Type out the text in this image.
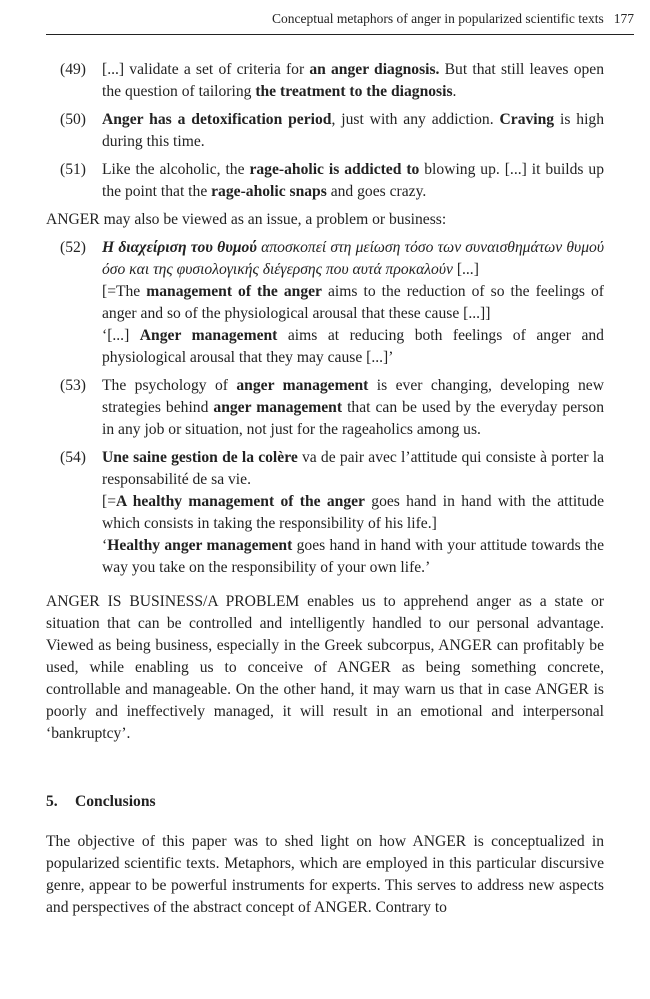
Conceptual metaphors of anger in popularized scientific texts 177
(49) [...] validate a set of criteria for an anger diagnosis. But that still leaves open the question of tailoring the treatment to the diagnosis.

(50) Anger has a detoxification period, just with any addiction. Craving is high during this time.

(51) Like the alcoholic, the rage-aholic is addicted to blowing up. [...] it builds up the point that the rage-aholic snaps and goes crazy.

ANGER may also be viewed as an issue, a problem or business:

(52) Η διαχείριση του θυμού αποσκοπεί στη μείωση τόσο των συναισθημάτων θυμού όσο και της φυσιολογικής διέγερσης που αυτά προκαλούν [...]

[=The management of the anger aims to the reduction of so the feelings of anger and so of the physiological arousal that these cause [...]]

‘[...] Anger management aims at reducing both feelings of anger and physiological arousal that they may cause [...]’

(53) The psychology of anger management is ever changing, developing new strategies behind anger management that can be used by the everyday person in any job or situation, not just for the rageaholics among us.

(54) Une saine gestion de la colère va de pair avec l’attitude qui consiste à porter la responsabilité de sa vie.

[=A healthy management of the anger goes hand in hand with the attitude which consists in taking the responsibility of his life.]

‘Healthy anger management goes hand in hand with your attitude towards the way you take on the responsibility of your own life.’

ANGER IS BUSINESS/A PROBLEM enables us to apprehend anger as a state or situation that can be controlled and intelligently handled to our personal advantage. Viewed as being business, especially in the Greek subcorpus, ANGER can profitably be used, while enabling us to conceive of ANGER as being something concrete, controllable and manageable. On the other hand, it may warn us that in case ANGER is poorly and ineffectively managed, it will result in an emotional and interpersonal ‘bankruptcy’.

5. Conclusions

The objective of this paper was to shed light on how ANGER is conceptualized in popularized scientific texts. Metaphors, which are employed in this particular discursive genre, appear to be powerful instruments for experts. This serves to address new aspects and perspectives of the abstract concept of ANGER. Contrary to
